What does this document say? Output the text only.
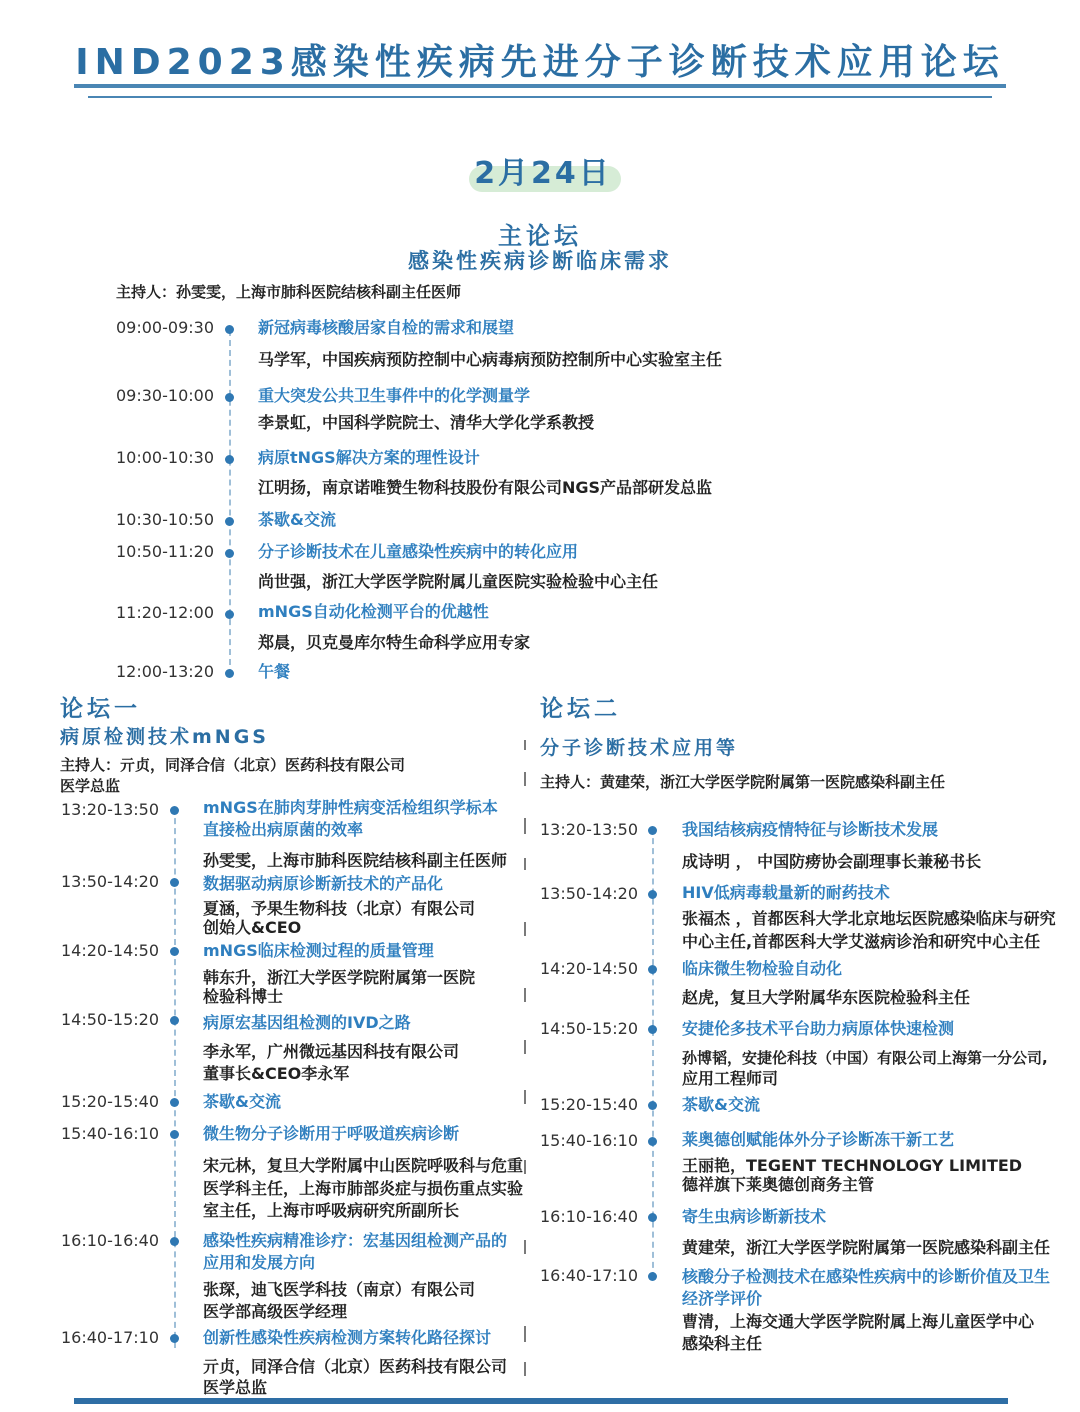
IND2023感染性疾病先进分子诊断技术应用论坛
2月24日
主论坛
感染性疾病诊断临床需求
主持人：孙雯雯，上海市肺科医院结核科副主任医师
09:00-09:30	新冠病毒核酸居家自检的需求和展望
马学军，中国疾病预防控制中心病毒病预防控制所中心实验室主任
09:30-10:00	重大突发公共卫生事件中的化学测量学
李景虹，中国科学院院士、清华大学化学系教授
10:00-10:30	病原tNGS解决方案的理性设计
江明扬，南京诺唯赞生物科技股份有限公司NGS产品部研发总监
10:30-10:50	茶歇&交流
10:50-11:20	分子诊断技术在儿童感染性疾病中的转化应用
尚世强，浙江大学医学院附属儿童医院实验检验中心主任
11:20-12:00	mNGS自动化检测平台的优越性
郑晨，贝克曼库尔特生命科学应用专家
12:00-13:20	午餐
论坛一
病原检测技术mNGS
主持人：亓贞，同泽合信（北京）医药科技有限公司
医学总监
13:20-13:50	mNGS在肺肉芽肿性病变活检组织学标本
直接检出病原菌的效率
孙雯雯，上海市肺科医院结核科副主任医师
13:50-14:20	数据驱动病原诊断新技术的产品化
夏涵，予果生物科技（北京）有限公司
创始人&CEO
14:20-14:50	mNGS临床检测过程的质量管理
韩东升，浙江大学医学院附属第一医院
检验科博士
14:50-15:20	病原宏基因组检测的IVD之路
李永军，广州微远基因科技有限公司
董事长&CEO李永军
15:20-15:40	茶歇&交流
15:40-16:10	微生物分子诊断用于呼吸道疾病诊断
宋元林，复旦大学附属中山医院呼吸科与危重
医学科主任，上海市肺部炎症与损伤重点实验
室主任，上海市呼吸病研究所副所长
16:10-16:40	感染性疾病精准诊疗：宏基因组检测产品的
应用和发展方向
张琛，迪飞医学科技（南京）有限公司
医学部高级医学经理
16:40-17:10	创新性感染性疾病检测方案转化路径探讨
亓贞，同泽合信（北京）医药科技有限公司
医学总监
论坛二
分子诊断技术应用等
主持人：黄建荣，浙江大学医学院附属第一医院感染科副主任
13:20-13:50	我国结核病疫情特征与诊断技术发展
成诗明 ， 中国防痨协会副理事长兼秘书长
13:50-14:20	HIV低病毒载量新的耐药技术
张福杰 ，首都医科大学北京地坛医院感染临床与研究
中心主任,首都医科大学艾滋病诊治和研究中心主任
14:20-14:50	临床微生物检验自动化
赵虎，复旦大学附属华东医院检验科主任
14:50-15:20	安捷伦多技术平台助力病原体快速检测
孙博韬，安捷伦科技（中国）有限公司上海第一分公司,
应用工程师司
15:20-15:40	茶歇&交流
15:40-16:10	莱奥德创赋能体外分子诊断冻干新工艺
王丽艳，TEGENT TECHNOLOGY LIMITED
德祥旗下莱奥德创商务主管
16:10-16:40	寄生虫病诊断新技术
黄建荣，浙江大学医学院附属第一医院感染科副主任
16:40-17:10	核酸分子检测技术在感染性疾病中的诊断价值及卫生
经济学评价
曹清，上海交通大学医学院附属上海儿童医学中心
感染科主任
